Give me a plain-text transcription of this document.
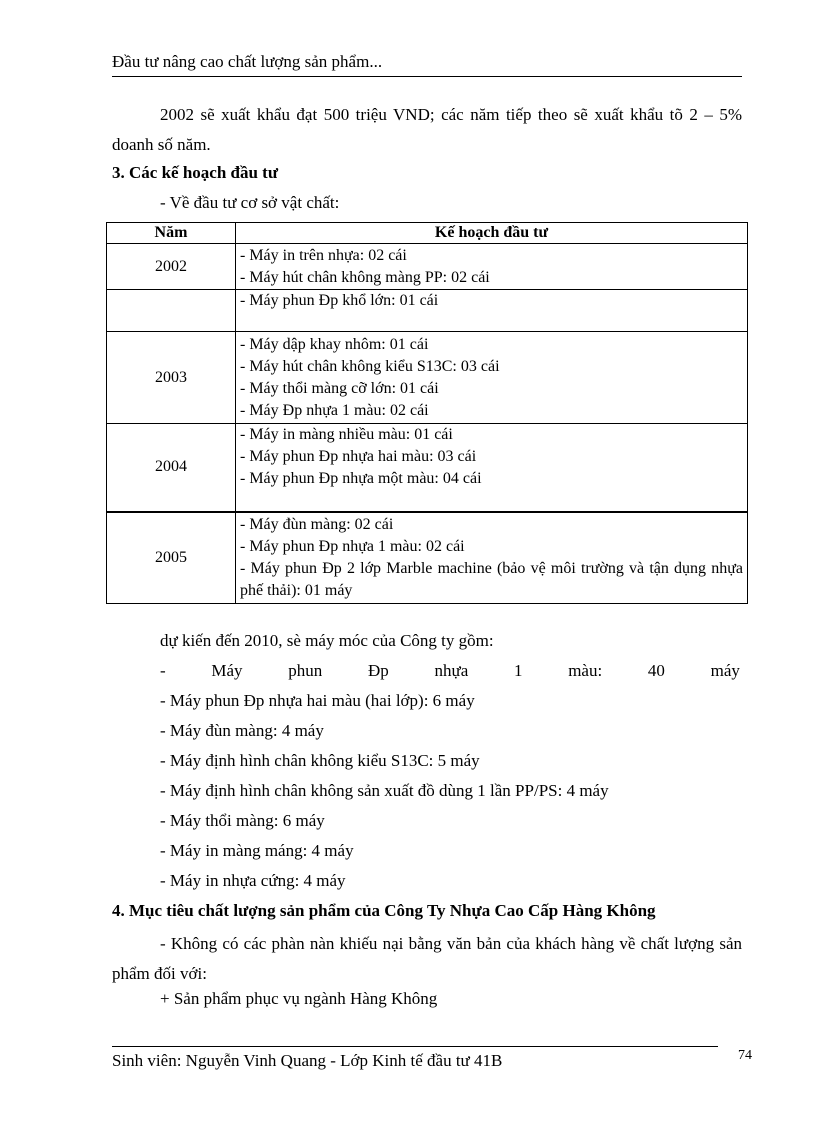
Đầu tư nâng cao chất lượng sản phẩm...
2002 sẽ xuất khẩu đạt 500 triệu VND; các năm tiếp theo sẽ xuất khẩu tõ 2 – 5% doanh số năm.
3. Các kế hoạch đầu tư
- Về đầu tư cơ sở vật chất:
Năm	Kế hoạch đầu tư
2002	- Máy in trên nhựa: 02 cái
- Máy hút chân không màng PP: 02 cái

	- Máy phun Đp khổ lớn: 01 cái

2003	- Máy dập khay nhôm: 01 cái
- Máy hút chân không kiểu S13C: 03 cái
- Máy thổi màng cỡ lớn: 01 cái
- Máy Đp nhựa 1 màu: 02 cái

2004	- Máy in màng nhiều màu: 01 cái
- Máy phun Đp nhựa hai màu: 03 cái
- Máy phun Đp nhựa một màu: 04 cái

2005	- Máy đùn màng: 02 cái
- Máy phun Đp nhựa 1 màu: 02 cái
- Máy phun Đp 2 lớp Marble machine (bảo vệ môi trường và tận dụng nhựa phế thải): 01 máy
dự kiến đến 2010, sè máy móc của Công ty gồm:
-	Máy	phun	Đp	nhựa	1	màu:	40	máy
- Máy phun Đp nhựa hai màu (hai lớp): 6 máy
- Máy đùn màng: 4 máy
- Máy định hình chân không kiểu S13C: 5 máy
- Máy định hình chân không sản xuất đồ dùng 1 lần PP/PS: 4 máy
- Máy thổi màng: 6 máy
- Máy in màng máng: 4 máy
- Máy in nhựa cứng: 4 máy
4. Mục tiêu chất lượng sản phẩm của Công Ty Nhựa Cao Cấp Hàng Không
- Không có các phàn nàn khiếu nại bằng văn bản của khách hàng về chất lượng sản phẩm đối với:
+ Sản phẩm phục vụ ngành Hàng Không
Sinh viên: Nguyễn Vinh Quang - Lớp Kinh tế đầu tư 41B	74
